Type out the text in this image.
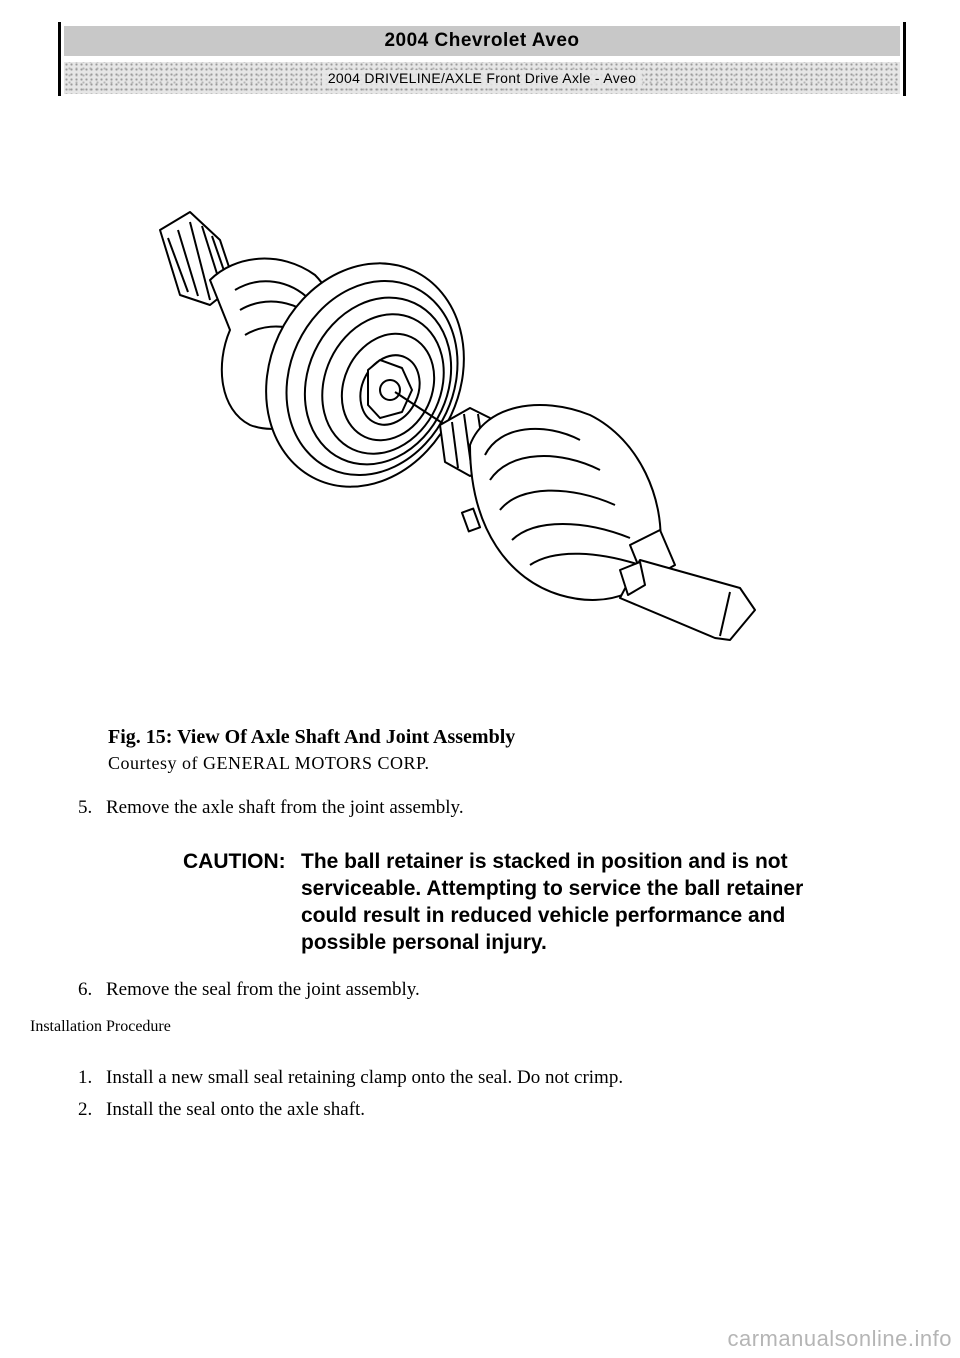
2004 Chevrolet Aveo
2004 DRIVELINE/AXLE Front Drive Axle - Aveo
Fig. 15: View Of Axle Shaft And Joint Assembly
Courtesy of GENERAL MOTORS CORP.
5. Remove the axle shaft from the joint assembly.
CAUTION: The ball retainer is stacked in position and is not serviceable. Attempting to service the ball retainer could result in reduced vehicle performance and possible personal injury.
6. Remove the seal from the joint assembly.
Installation Procedure
1. Install a new small seal retaining clamp onto the seal. Do not crimp.
2. Install the seal onto the axle shaft.
carmanualsonline.info
